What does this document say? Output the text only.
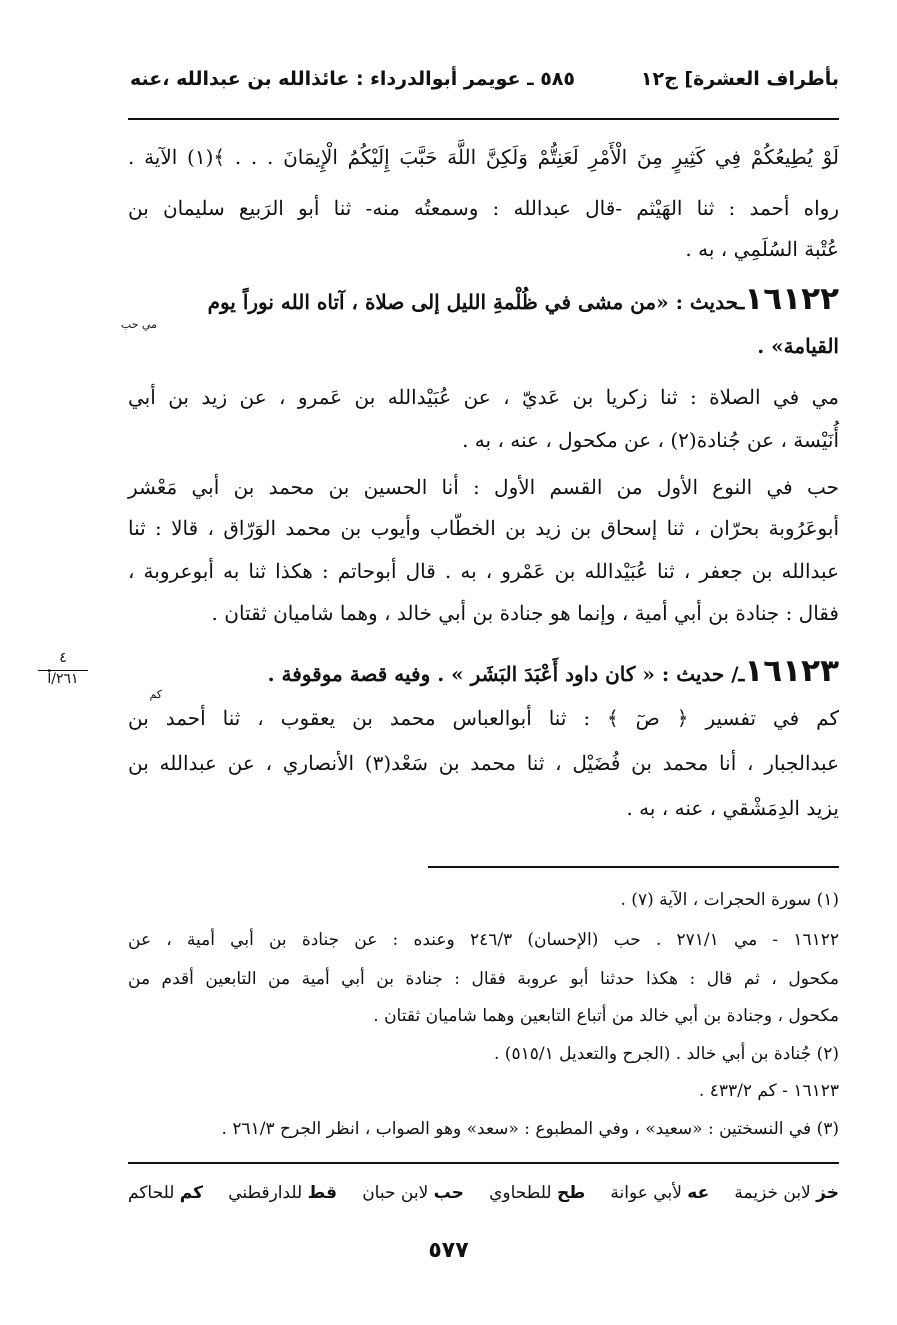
بأطراف العشرة] ج١٢
٥٨٥ ـ عويمر أبوالدرداء : عائذالله بن عبدالله ،عنه
لَوْ يُطِيعُكُمْ فِي كَثِيرٍ مِنَ الْأَمْرِ لَعَنِتُّمْ وَلَكِنَّ اللَّهَ حَبَّبَ إِلَيْكُمُ الْإِيمَانَ . . . ﴾(١) الآية .
رواه أحمد : ثنا الهَيْثم -قال عبدالله : وسمعتُه منه- ثنا أبو الرَبيع سليمان بن
عُتْبة السُلَمِي ، به .
١٦١٢٢ـحديث : «من مشى في ظُلْمةِ الليل إلى صلاة ، آتاه الله نوراً يوم
مي حب
القيامة» .
مي في الصلاة : ثنا زكريا بن عَديّ ، عن عُبَيْدالله بن عَمرو ، عن زيد بن أبي
أُنَيْسة ، عن جُنادة(٢) ، عن مكحول ، عنه ، به .
حب في النوع الأول من القسم الأول : أنا الحسين بن محمد بن أبي مَعْشر
أبوعَرُوبة بحرّان ، ثنا إسحاق بن زيد بن الخطّاب وأيوب بن محمد الوَرّاق ، قالا : ثنا
عبدالله بن جعفر ، ثنا عُبَيْدالله بن عَمْرو ، به . قال أبوحاتم : هكذا ثنا به أبوعروبة ،
فقال : جنادة بن أبي أمية ، وإنما هو جنادة بن أبي خالد ، وهما شاميان ثقتان .
٤
٢٦١/أ	١٦١٢٣ـ/ حديث : « كان داود أَعْبَدَ البَشَر » . وفيه قصة موقوفة .
كم
كم في تفسير ﴿ صٓ ﴾ : ثنا أبوالعباس محمد بن يعقوب ، ثنا أحمد بن
عبدالجبار ، أنا محمد بن فُضَيْل ، ثنا محمد بن سَعْد(٣) الأنصاري ، عن عبدالله بن
يزيد الدِمَشْقي ، عنه ، به .
(١) سورة الحجرات ، الآية (٧) .
١٦١٢٢ - مي ٢٧١/١ . حب (الإحسان) ٢٤٦/٣ وعنده : عن جنادة بن أبي أمية ، عن
مكحول ، ثم قال : هكذا حدثنا أبو عروبة فقال : جنادة بن أبي أمية من التابعين أقدم من
مكحول ، وجنادة بن أبي خالد من أتباع التابعين وهما شاميان ثقتان .
(٢) جُنادة بن أبي خالد . (الجرح والتعديل ٥١٥/١) .
١٦١٢٣ - كم ٤٣٣/٢ .
(٣) في النسختين : «سعيد» ، وفي المطبوع : «سعد» وهو الصواب ، انظر الجرح ٢٦١/٣ .
خز لابن خزيمة
عه لأبي عوانة
طح للطحاوي
حب لابن حبان
قط للدارقطني
كم للحاكم
٥٧٧
